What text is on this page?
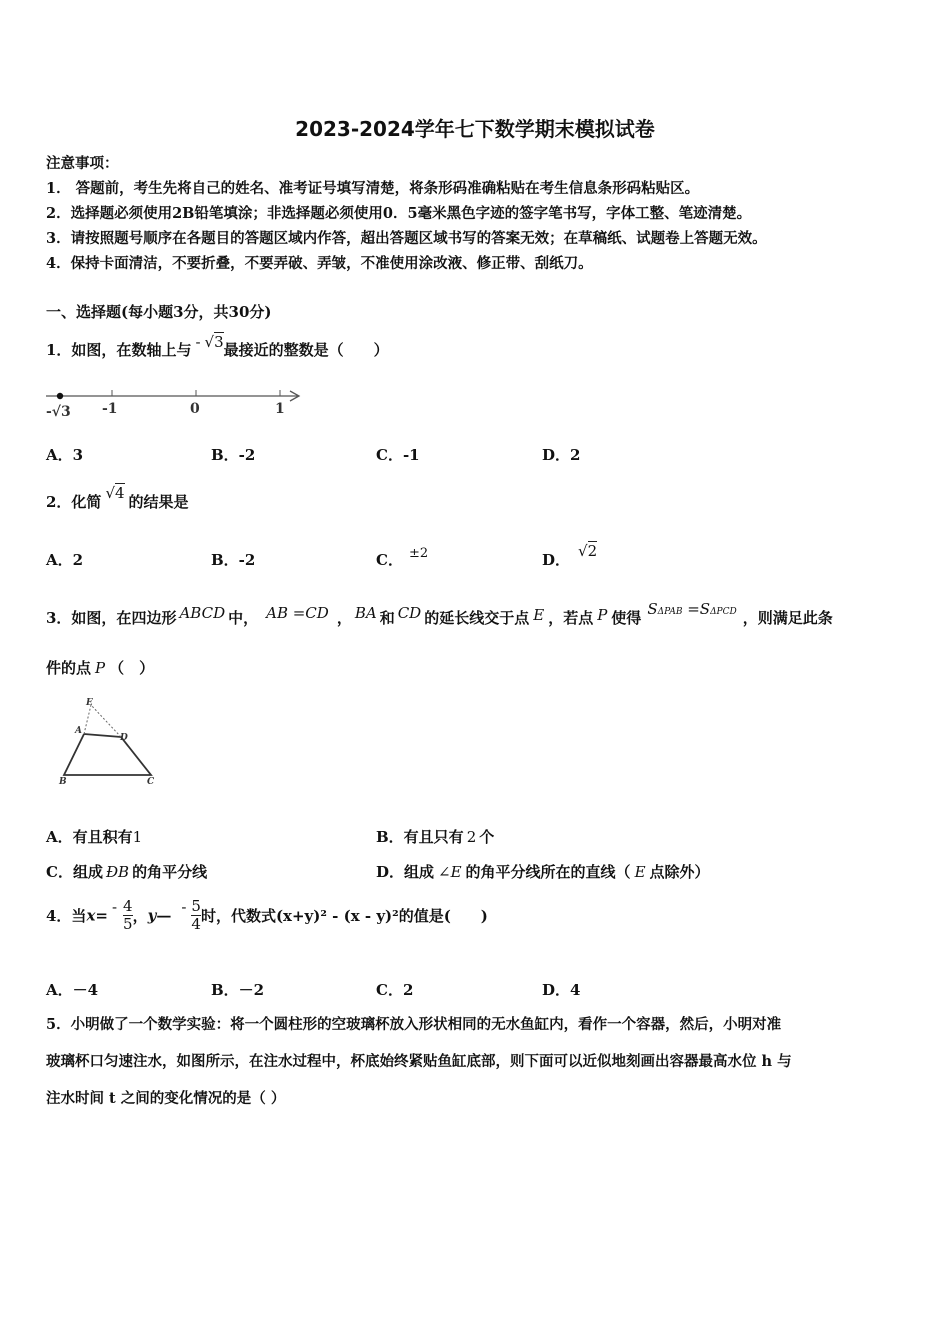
2023-2024学年七下数学期末模拟试卷
注意事项：
1． 答题前，考生先将自己的姓名、准考证号填写清楚，将条形码准确粘贴在考生信息条形码粘贴区。
2．选择题必须使用2B铅笔填涂；非选择题必须使用0．5毫米黑色字迹的签字笔书写，字体工整、笔迹清楚。
3．请按照题号顺序在各题目的答题区域内作答，超出答题区域书写的答案无效；在草稿纸、试题卷上答题无效。
4．保持卡面清洁，不要折叠，不要弄破、弄皱，不准使用涂改液、修正带、刮纸刀。
一、选择题(每小题3分，共30分)
1．如图，在数轴上与 - √3最接近的整数是（　　）
-√3 -1	0	1
A．3	B．-2	C．-1	D．2
2．化简 √4 的结果是
A．2	B．-2	C． ±2	D． √2
3．如图，在四边形 ABCD 中， AB =CD ， BA 和 CD 的延长线交于点 E ，若点 P 使得 SΔPAB =SΔPCD ，则满足此条
件的点 P （　）
E
A
D
B	C
A．有且积有1	B．有且只有 2 个
C．组成 ĐB 的角平分线	D．组成 ∠E 的角平分线所在的直线（ E 点除外）
4．当$x= - \frac{4}{5}$ ，y— - $\frac{5}{4}$ 时，代数式(x+y)² - (x - y)²的值是(　　)
A．－4	B．－2	C．2	D．4
5．小明做了一个数学实验：将一个圆柱形的空玻璃杯放入形状相同的无水鱼缸内，看作一个容器，然后，小明对准
玻璃杯口匀速注水，如图所示，在注水过程中，杯底始终紧贴鱼缸底部，则下面可以近似地刻画出容器最高水位 h 与
注水时间 t 之间的变化情况的是（ ）
